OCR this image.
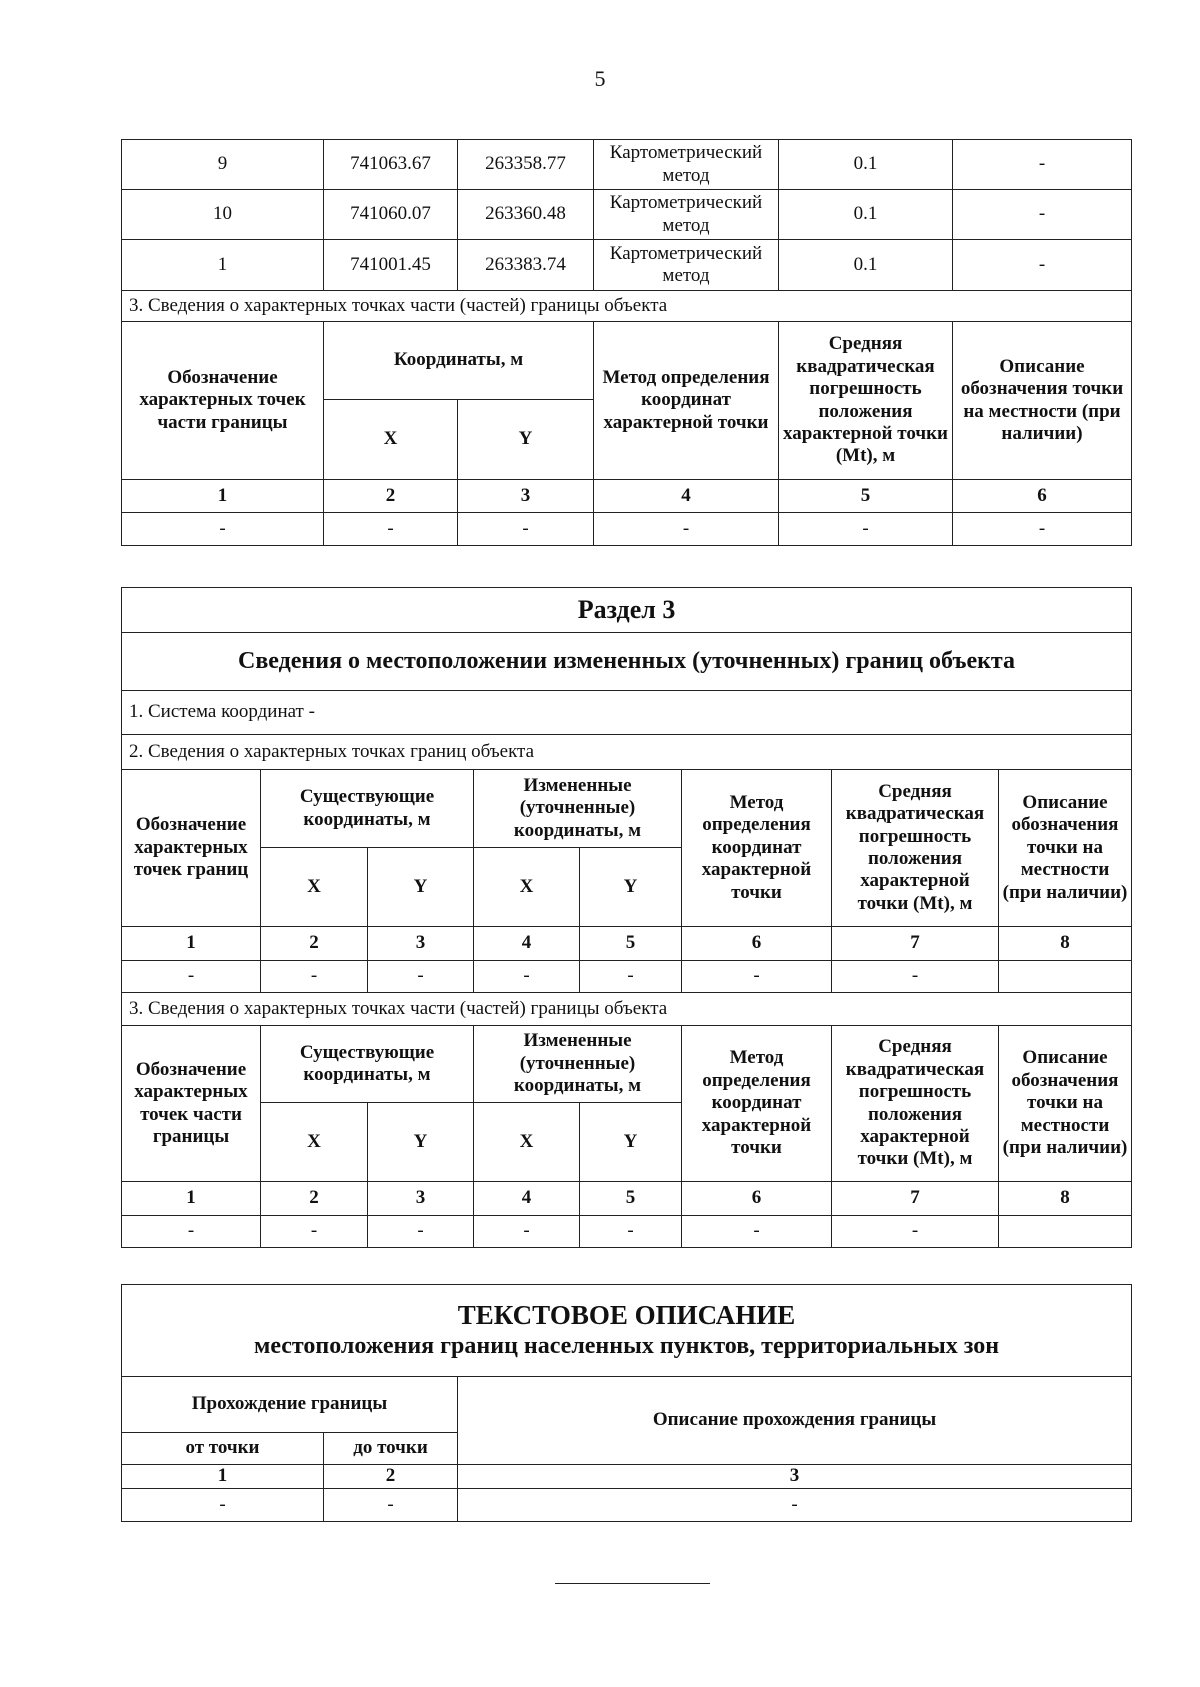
5
9	741063.67	263358.77	Картометрический метод	0.1	-
10	741060.07	263360.48	Картометрический метод	0.1	-
1	741001.45	263383.74	Картометрический метод	0.1	-
3. Сведения о характерных точках части (частей) границы объекта					
Обозначение характерных точек части границы	Координаты, м		Метод определения координат характерной точки	Средняя квадратическая погрешность положения характерной точки (Mt), м	Описание обозначения точки на местности (при наличии)
	X	Y			
1	2	3	4	5	6
-	-	-	-	-	-
Раздел 3							
Сведения о местоположении измененных (уточненных) границ объекта							
1. Система координат -							
2. Сведения о характерных точках границ объекта							
Обозначение характерных точек границ	Существующие координаты, м		Измененные (уточненные) координаты, м		Метод определения координат характерной точки	Средняя квадратическая погрешность положения характерной точки (Mt), м	Описание обозначения точки на местности (при наличии)
	X	Y	X	Y			
1	2	3	4	5	6	7	8
-	-	-	-	-	-	-	
3. Сведения о характерных точках части (частей) границы объекта							
Обозначение характерных точек части границы	Существующие координаты, м		Измененные (уточненные) координаты, м		Метод определения координат характерной точки	Средняя квадратическая погрешность положения характерной точки (Mt), м	Описание обозначения точки на местности (при наличии)
	X	Y	X	Y			
1	2	3	4	5	6	7	8
-	-	-	-	-	-	-	
ТЕКСТОВОЕ ОПИСАНИЕ
местоположения границ населенных пунктов, территориальных зон		

Прохождение границы		Описание прохождения границы
от точки	до точки	
1	2	3
-	-	-
